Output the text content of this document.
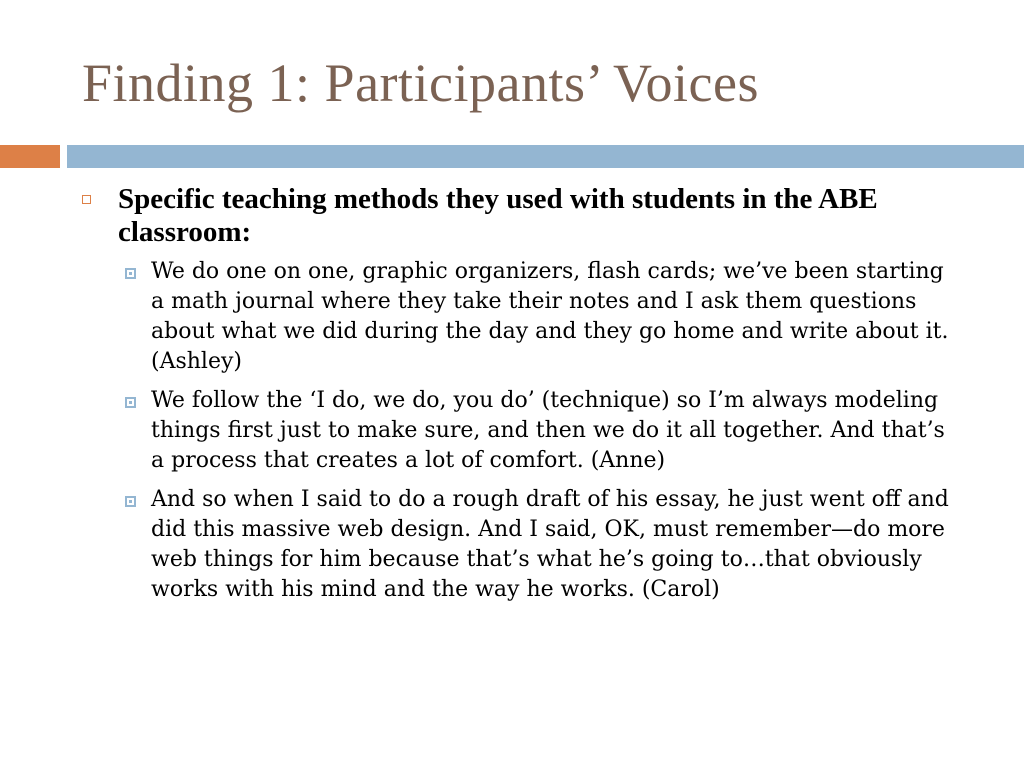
Finding 1: Participants’ Voices
Specific teaching methods they used with students in the ABE classroom:
We do one on one, graphic organizers, flash cards; we’ve been starting a math journal where they take their notes and I ask them questions about what we did during the day and they go home and write about it. (Ashley)
We follow the ‘I do, we do, you do’ (technique) so I’m always modeling things first just to make sure, and then we do it all together. And that’s a process that creates a lot of comfort. (Anne)
And so when I said to do a rough draft of his essay, he just went off and did this massive web design. And I said, OK, must remember—do more web things for him because that’s what he’s going to…that obviously works with his mind and the way he works. (Carol)
